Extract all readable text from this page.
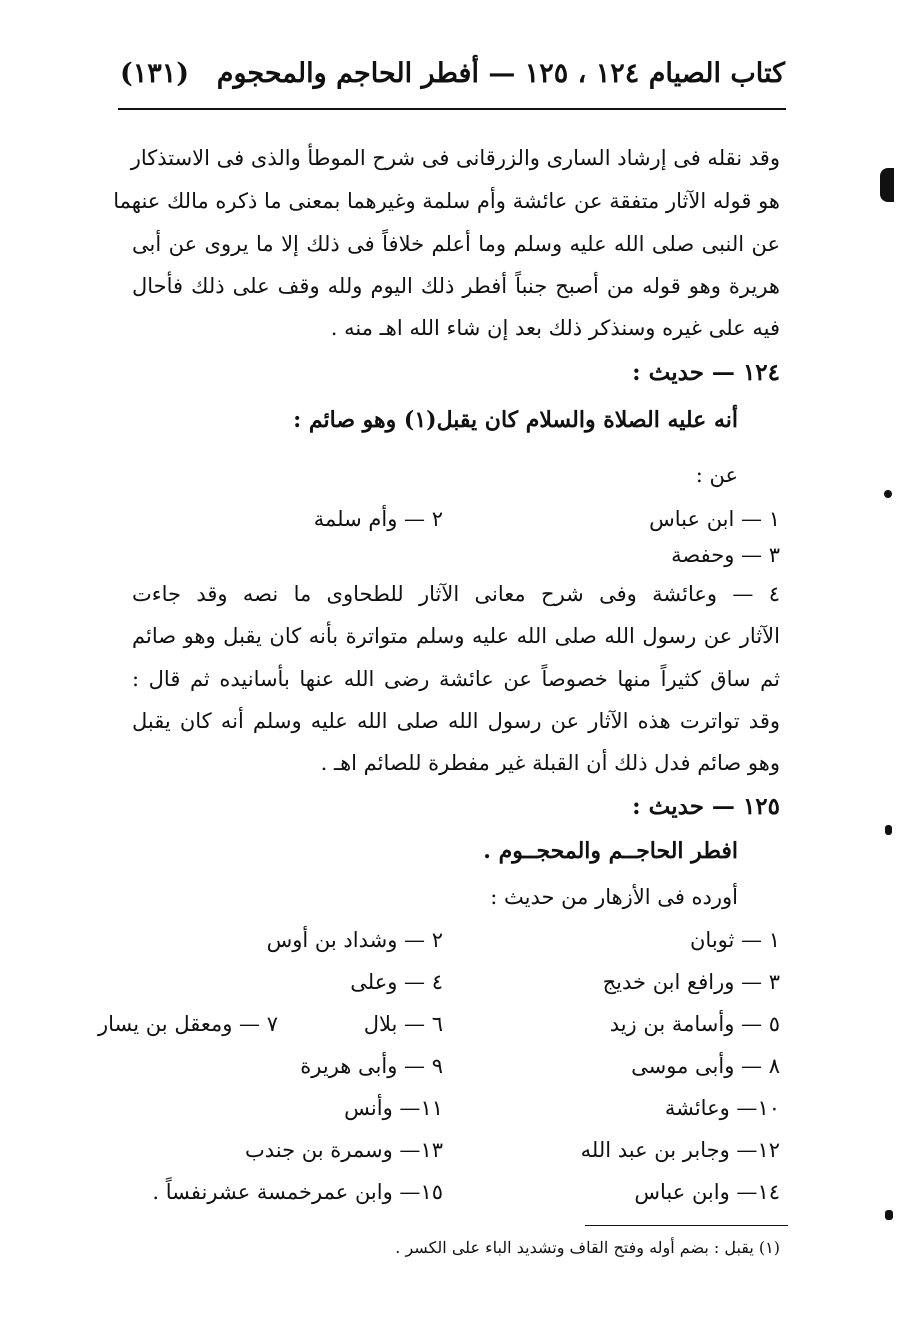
كتاب الصيام ١٢٤ ، ١٢٥ — أفطر الحاجم والمحجوم
(١٣١)
وقد نقله فى إرشاد السارى والزرقانى فى شرح الموطأ والذى فى الاستذكار
هو قوله الآثار متفقة عن عائشة وأم سلمة وغيرهما بمعنى ما ذكره مالك عنهما
عن النبى صلى الله عليه وسلم وما أعلم خلافاً فى ذلك إلا ما يروى عن أبى
هريرة وهو قوله من أصبح جنباً أفطر ذلك اليوم ولله وقف على ذلك فأحال
فيه على غيره وسنذكر ذلك بعد إن شاء الله اهـ منه .
١٢٤ — حديث :
أنه عليه الصلاة والسلام كان يقبل(١) وهو صائم :
عن :
١ — ابن عباس
٢ — وأم سلمة
٣ — وحفصة
٤ — وعائشة وفى شرح معانى الآثار للطحاوى ما نصه وقد جاءت
الآثار عن رسول الله صلى الله عليه وسلم متواترة بأنه كان يقبل وهو صائم
ثم ساق كثيراً منها خصوصاً عن عائشة رضى الله عنها بأسانيده ثم قال :
وقد تواترت هذه الآثار عن رسول الله صلى الله عليه وسلم أنه كان يقبل
وهو صائم فدل ذلك أن القبلة غير مفطرة للصائم اهـ .
١٢٥ — حديث :
افطر الحاجــم والمحجــوم .
أورده فى الأزهار من حديث :
١ — ثوبان
٢ — وشداد بن أوس
٣ — ورافع ابن خديج
٤ — وعلى
٥ — وأسامة بن زيد
٦ — بلال
٧ — ومعقل بن يسار
٨ — وأبى موسى
٩ — وأبى هريرة
١٠— وعائشة
١١— وأنس
١٢— وجابر بن عبد الله
١٣— وسمرة بن جندب
١٤— وابن عباس
١٥— وابن عمرخمسة عشرنفساً .
(١) يقبل : بضم أوله وفتح القاف وتشديد الباء على الكسر .
